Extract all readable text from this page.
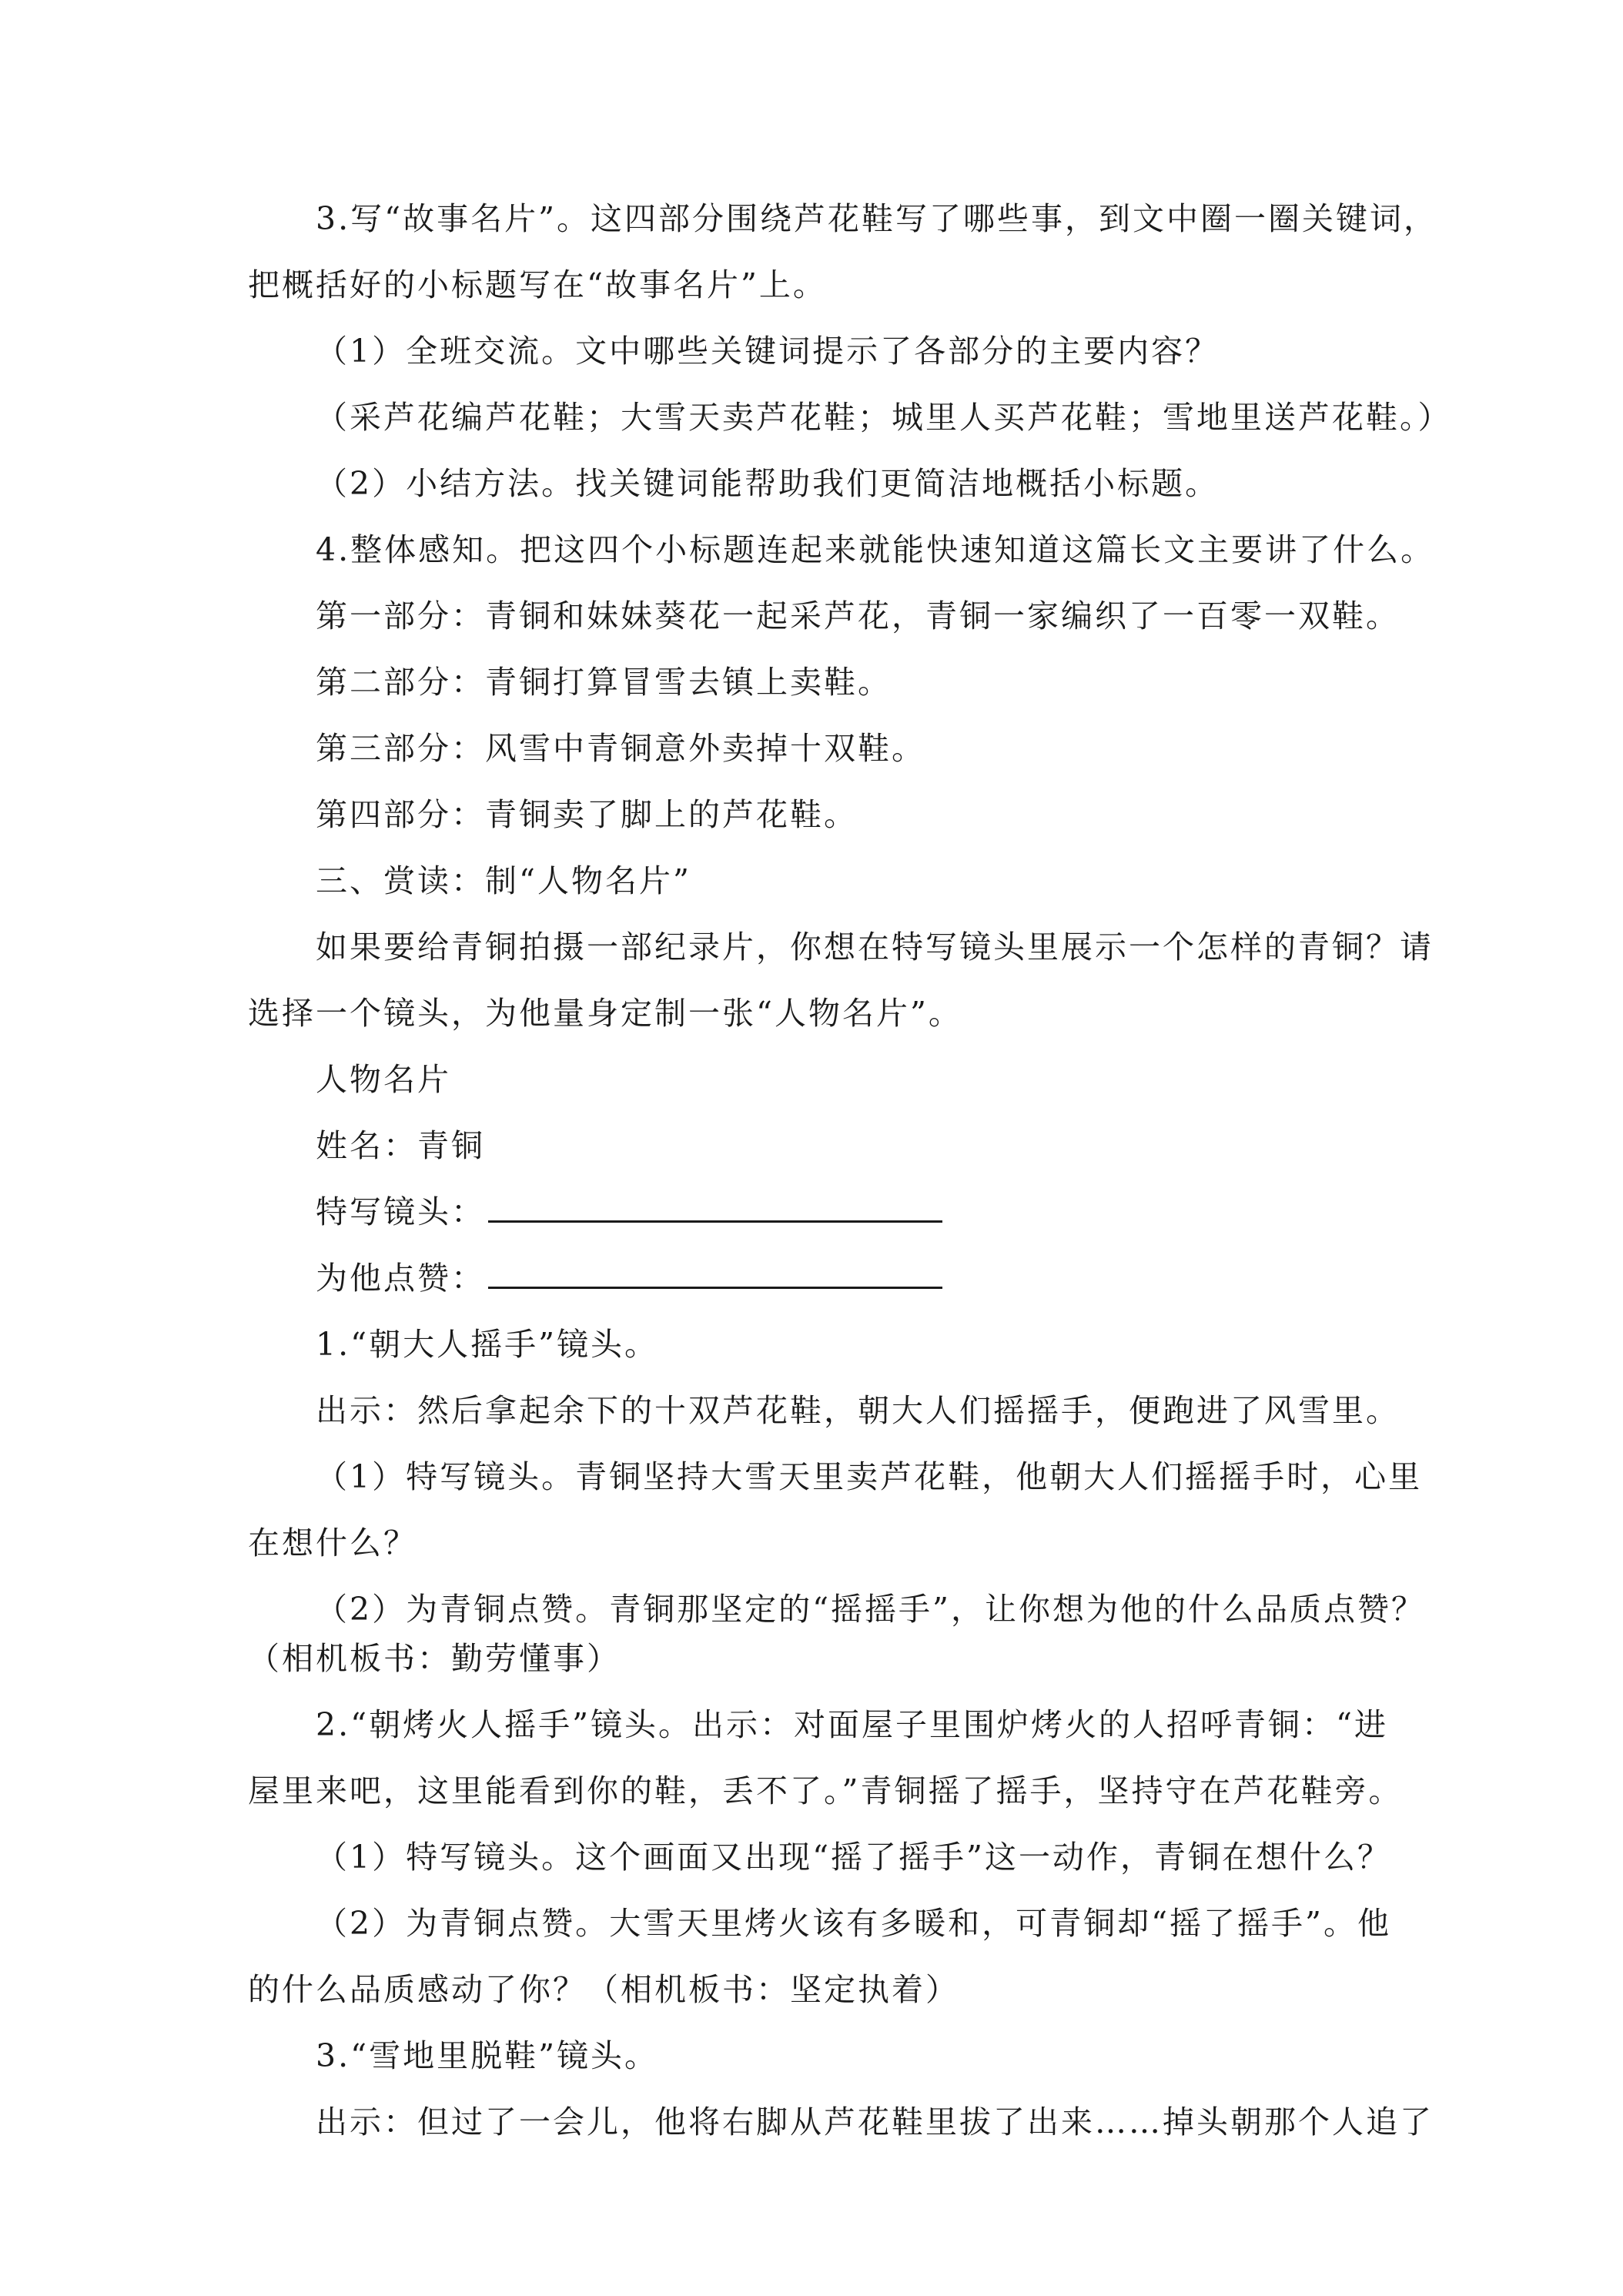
3.写“故事名片”。这四部分围绕芦花鞋写了哪些事，到文中圈一圈关键词，
把概括好的小标题写在“故事名片”上。
（1）全班交流。文中哪些关键词提示了各部分的主要内容？
（采芦花编芦花鞋；大雪天卖芦花鞋；城里人买芦花鞋；雪地里送芦花鞋。）
（2）小结方法。找关键词能帮助我们更简洁地概括小标题。
4.整体感知。把这四个小标题连起来就能快速知道这篇长文主要讲了什么。
第一部分：青铜和妹妹葵花一起采芦花，青铜一家编织了一百零一双鞋。
第二部分：青铜打算冒雪去镇上卖鞋。
第三部分：风雪中青铜意外卖掉十双鞋。
第四部分：青铜卖了脚上的芦花鞋。
三、赏读：制“人物名片”
如果要给青铜拍摄一部纪录片，你想在特写镜头里展示一个怎样的青铜？请
选择一个镜头，为他量身定制一张“人物名片”。
人物名片
姓名：青铜
特写镜头：
为他点赞：
1.“朝大人摇手”镜头。
出示：然后拿起余下的十双芦花鞋，朝大人们摇摇手，便跑进了风雪里。
（1）特写镜头。青铜坚持大雪天里卖芦花鞋，他朝大人们摇摇手时，心里
在想什么？
（2）为青铜点赞。青铜那坚定的“摇摇手”，让你想为他的什么品质点赞？
（相机板书：勤劳懂事）
2.“朝烤火人摇手”镜头。出示：对面屋子里围炉烤火的人招呼青铜：“进
屋里来吧，这里能看到你的鞋，丢不了。”青铜摇了摇手，坚持守在芦花鞋旁。
（1）特写镜头。这个画面又出现“摇了摇手”这一动作，青铜在想什么？
（2）为青铜点赞。大雪天里烤火该有多暖和，可青铜却“摇了摇手”。他
的什么品质感动了你？（相机板书：坚定执着）
3.“雪地里脱鞋”镜头。
出示：但过了一会儿，他将右脚从芦花鞋里拔了出来……掉头朝那个人追了
